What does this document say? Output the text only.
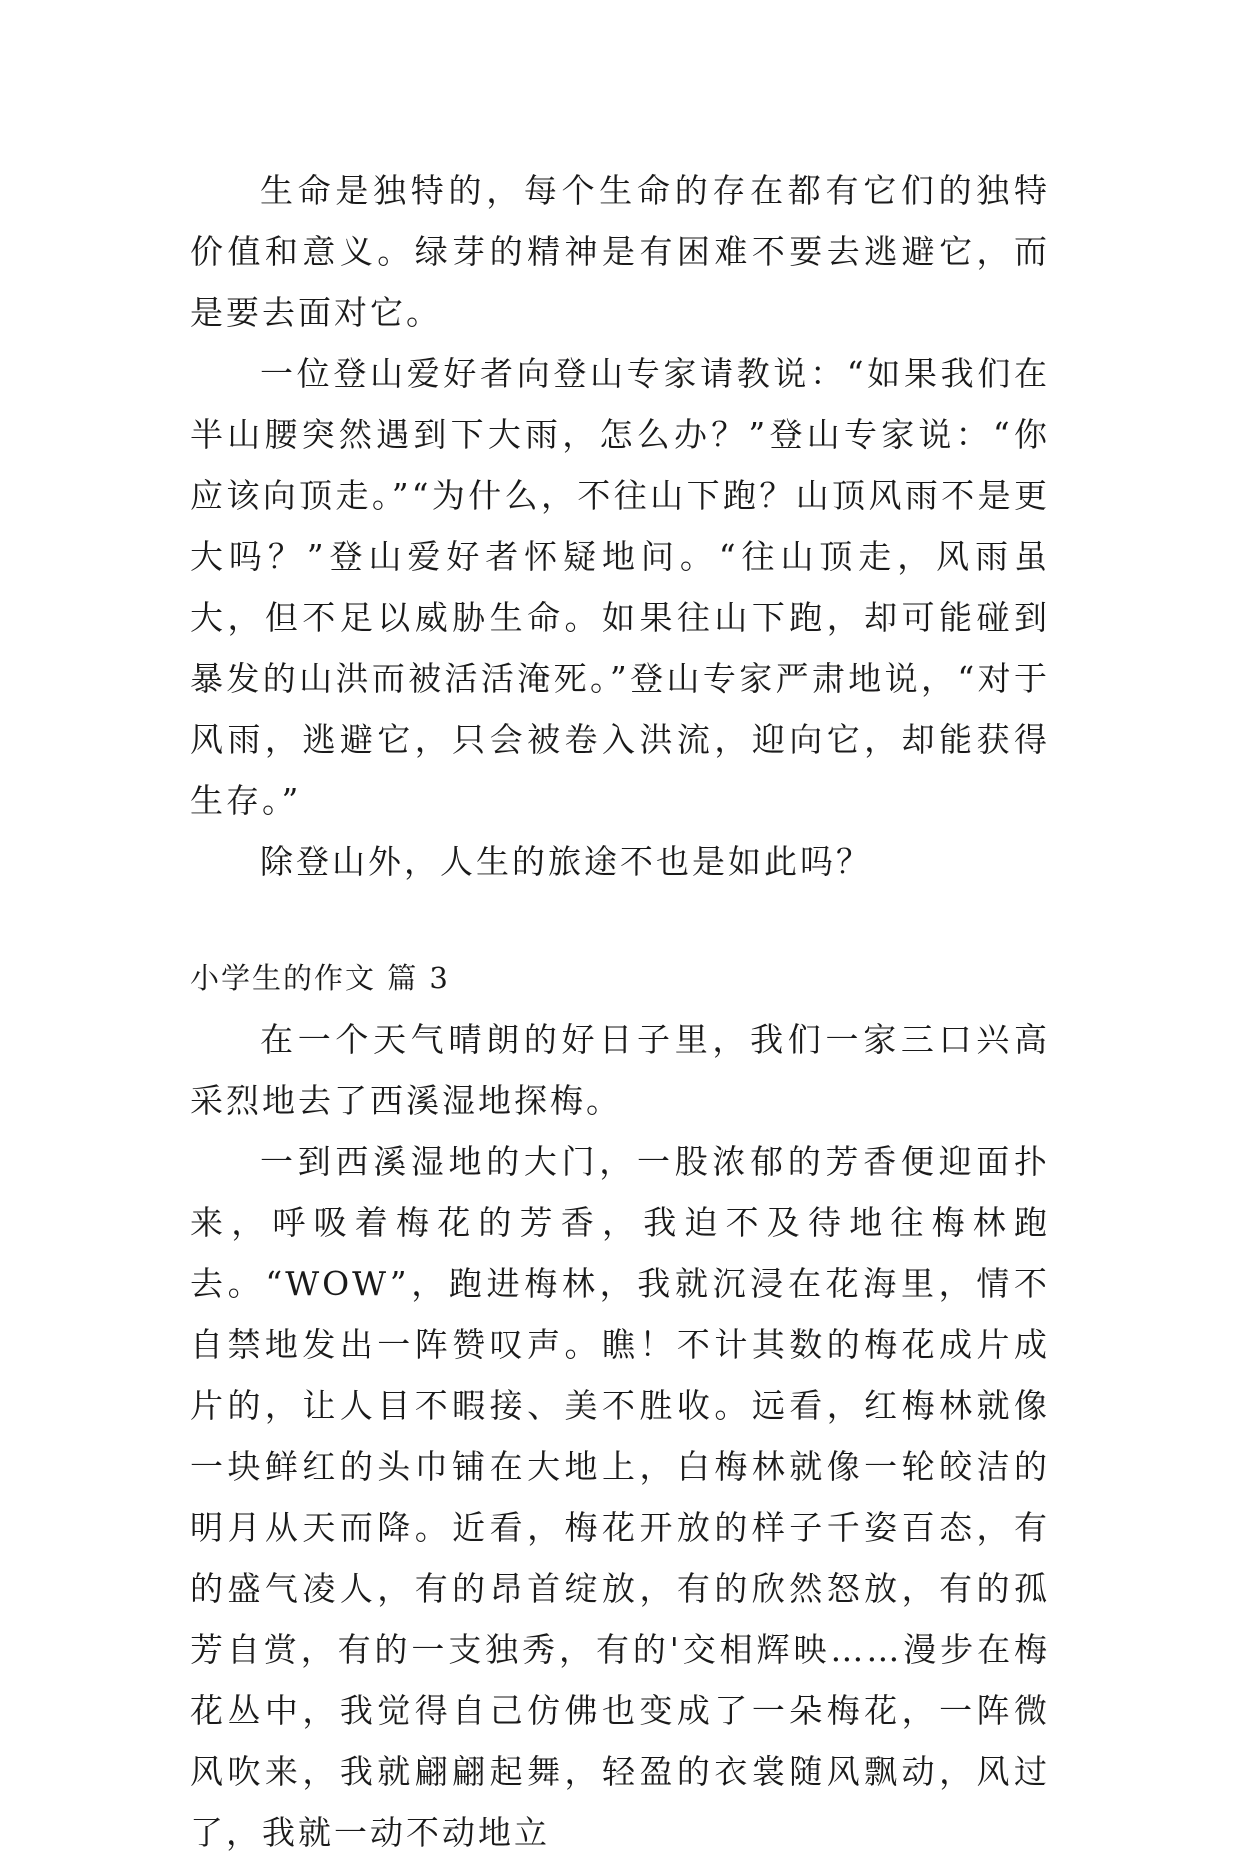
生命是独特的，每个生命的存在都有它们的独特价值和意义。绿芽的精神是有困难不要去逃避它，而是要去面对它。

一位登山爱好者向登山专家请教说：“如果我们在半山腰突然遇到下大雨，怎么办？”登山专家说：“你应该向顶走。”“为什么，不往山下跑？山顶风雨不是更大吗？”登山爱好者怀疑地问。“往山顶走，风雨虽大，但不足以威胁生命。如果往山下跑，却可能碰到暴发的山洪而被活活淹死。”登山专家严肃地说，“对于风雨，逃避它，只会被卷入洪流，迎向它，却能获得生存。”

除登山外，人生的旅途不也是如此吗？

小学生的作文 篇 3

在一个天气晴朗的好日子里，我们一家三口兴高采烈地去了西溪湿地探梅。

一到西溪湿地的大门，一股浓郁的芳香便迎面扑来，呼吸着梅花的芳香，我迫不及待地往梅林跑去。“WOW”，跑进梅林，我就沉浸在花海里，情不自禁地发出一阵赞叹声。瞧！不计其数的梅花成片成片的，让人目不暇接、美不胜收。远看，红梅林就像一块鲜红的头巾铺在大地上，白梅林就像一轮皎洁的明月从天而降。近看，梅花开放的样子千姿百态，有的盛气凌人，有的昂首绽放，有的欣然怒放，有的孤芳自赏，有的一支独秀，有的'交相辉映……漫步在梅花丛中，我觉得自己仿佛也变成了一朵梅花，一阵微风吹来，我就翩翩起舞，轻盈的衣裳随风飘动，风过了，我就一动不动地立
